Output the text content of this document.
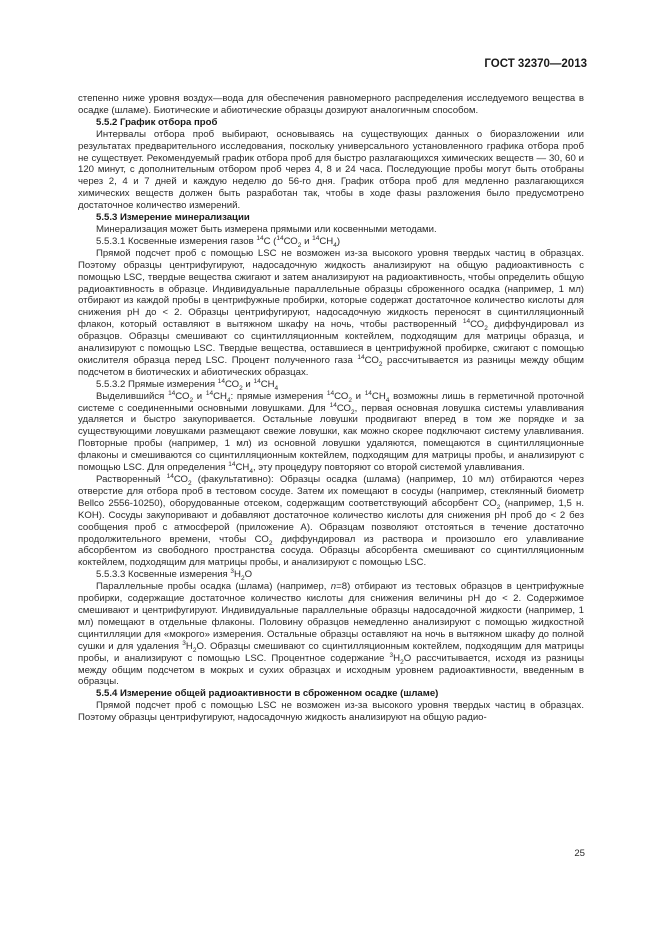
ГОСТ 32370—2013

степенно ниже уровня воздух—вода для обеспечения равномерного распределения исследуемого вещества в осадке (шламе). Биотические и абиотические образцы дозируют аналогичным способом.

5.5.2 График отбора проб

Интервалы отбора проб выбирают, основываясь на существующих данных о биоразложении или результатах предварительного исследования, поскольку универсального установленного графика отбора проб не существует. Рекомендуемый график отбора проб для быстро разлагающихся химических веществ — 30, 60 и 120 минут, с дополнительным отбором проб через 4, 8 и 24 часа. Последующие пробы могут быть отобраны через 2, 4 и 7 дней и каждую неделю до 56-го дня. График отбора проб для медленно разлагающихся химических веществ должен быть разработан так, чтобы в ходе фазы разложения было предусмотрено достаточное количество измерений.

5.5.3 Измерение минерализации

Минерализация может быть измерена прямыми или косвенными методами.

5.5.3.1 Косвенные измерения газов $^{14}$С ($^{14}СО_2$ и $^{14}СН_4$)

Прямой подсчет проб с помощью LSC не возможен из-за высокого уровня твердых частиц в образцах. Поэтому образцы центрифугируют, надосадочную жидкость анализируют на общую радиоактивность с помощью LSC, твердые вещества сжигают и затем анализируют на радиоактивность, чтобы определить общую радиоактивность в образце. Индивидуальные параллельные образцы сброженного осадка (например, 1 мл) отбирают из каждой пробы в центрифужные пробирки, которые содержат достаточное количество кислоты для снижения рН до < 2. Образцы центрифугируют, надосадочную жидкость переносят в сцинтилляционный флакон, который оставляют в вытяжном шкафу на ночь, чтобы растворенный $^{14}СО_2$ диффундировал из образцов. Образцы смешивают со сцинтилляционным коктейлем, подходящим для матрицы образца, и анализируют с помощью LSC. Твердые вещества, оставшиеся в центрифужной пробирке, сжигают с помощью окислителя образца перед LSC. Процент полученного газа $^{14}СО_2$ рассчитывается из разницы между общим подсчетом в биотических и абиотических образцах.

5.5.3.2 Прямые измерения $^{14}СО_2$ и $^{14}СН_4$

Выделившийся $^{14}СО_2$ и $^{14}СН_4$: прямые измерения $^{14}СО_2$ и $^{14}СН_4$ возможны лишь в герметичной проточной системе с соединенными основными ловушками. Для $^{14}СО_2$, первая основная ловушка системы улавливания удаляется и быстро закупоривается. Остальные ловушки продвигают вперед в том же порядке и за существующими ловушками размещают свежие ловушки, как можно скорее подключают систему улавливания. Повторные пробы (например, 1 мл) из основной ловушки удаляются, помещаются в сцинтилляционные флаконы и смешиваются со сцинтилляционным коктейлем, подходящим для матрицы пробы, и анализируют с помощью LSC. Для определения $^{14}СН_4$, эту процедуру повторяют со второй системой улавливания.

Растворенный $^{14}СО_2$ (факультативно): Образцы осадка (шлама) (например, 10 мл) отбираются через отверстие для отбора проб в тестовом сосуде. Затем их помещают в сосуды (например, стеклянный биометр Bellco 2556-10250), оборудованные отсеком, содержащим соответствующий абсорбент $СО_2$ (например, 1,5 н. KOH). Сосуды закупоривают и добавляют достаточное количество кислоты для снижения рН проб до < 2 без сообщения проб с атмосферой (приложение А). Образцам позволяют отстояться в течение достаточно продолжительного времени, чтобы $СО_2$ диффундировал из раствора и произошло его улавливание абсорбентом из свободного пространства сосуда. Образцы абсорбента смешивают со сцинтилляционным коктейлем, подходящим для матрицы пробы, и анализируют с помощью LSC.

5.5.3.3 Косвенные измерения $^3Н_2О$

Параллельные пробы осадка (шлама) (например, n=8) отбирают из тестовых образцов в центрифужные пробирки, содержащие достаточное количество кислоты для снижения величины рН до < 2. Содержимое смешивают и центрифугируют. Индивидуальные параллельные образцы надосадочной жидкости (например, 1 мл) помещают в отдельные флаконы. Половину образцов немедленно анализируют с помощью жидкостной сцинтилляции для «мокрого» измерения. Остальные образцы оставляют на ночь в вытяжном шкафу до полной сушки и для удаления $^3Н_2О$. Образцы смешивают со сцинтилляционным коктейлем, подходящим для матрицы пробы, и анализируют с помощью LSC. Процентное содержание $^3Н_2О$ рассчитывается, исходя из разницы между общим подсчетом в мокрых и сухих образцах и исходным уровнем радиоактивности, введенным в образцы.

5.5.4 Измерение общей радиоактивности в сброженном осадке (шламе)

Прямой подсчет проб с помощью LSC не возможен из-за высокого уровня твердых частиц в образцах. Поэтому образцы центрифугируют, надосадочную жидкость анализируют на общую радио-

25
